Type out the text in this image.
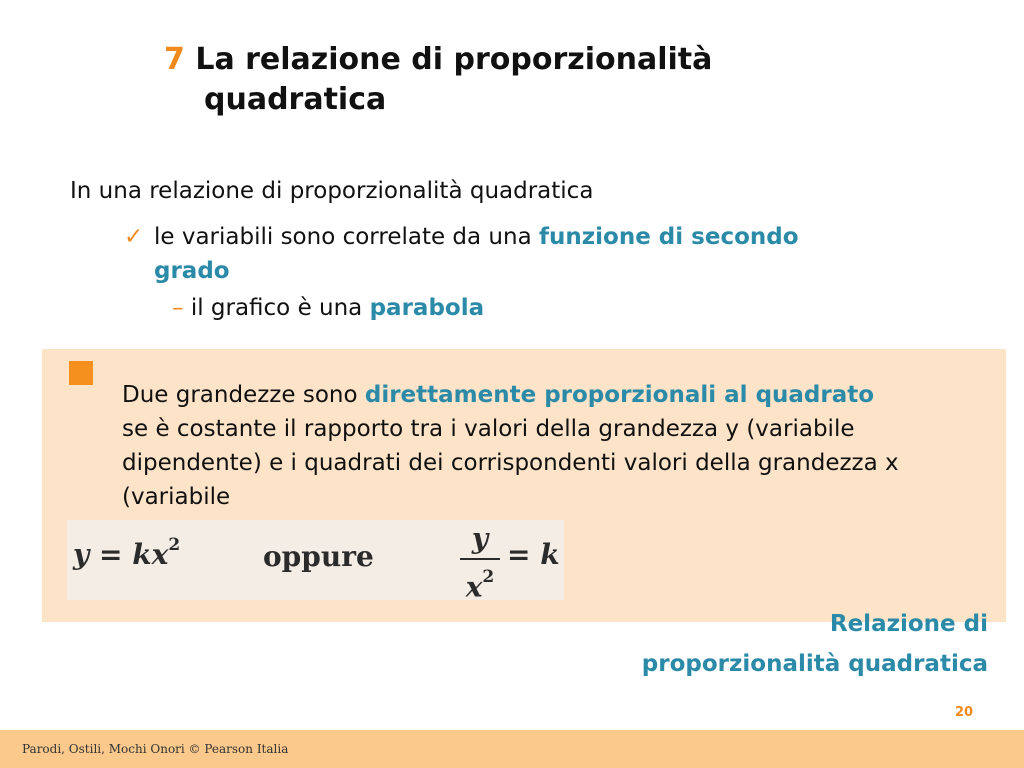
7 La relazione di proporzionalità
quadratica
In una relazione di proporzionalità quadratica
✓ le variabili sono correlate da una funzione di secondo grado
– il grafico è una parabola
Due grandezze sono direttamente proporzionali al quadrato se è costante il rapporto tra i valori della grandezza y (variabile dipendente) e i quadrati dei corrispondenti valori della grandezza x (variabile
$y = kx^2$	oppure
y
$x^2$
= k
Relazione di
proporzionalità quadratica
20
Parodi, Ostili, Mochi Onori © Pearson Italia
